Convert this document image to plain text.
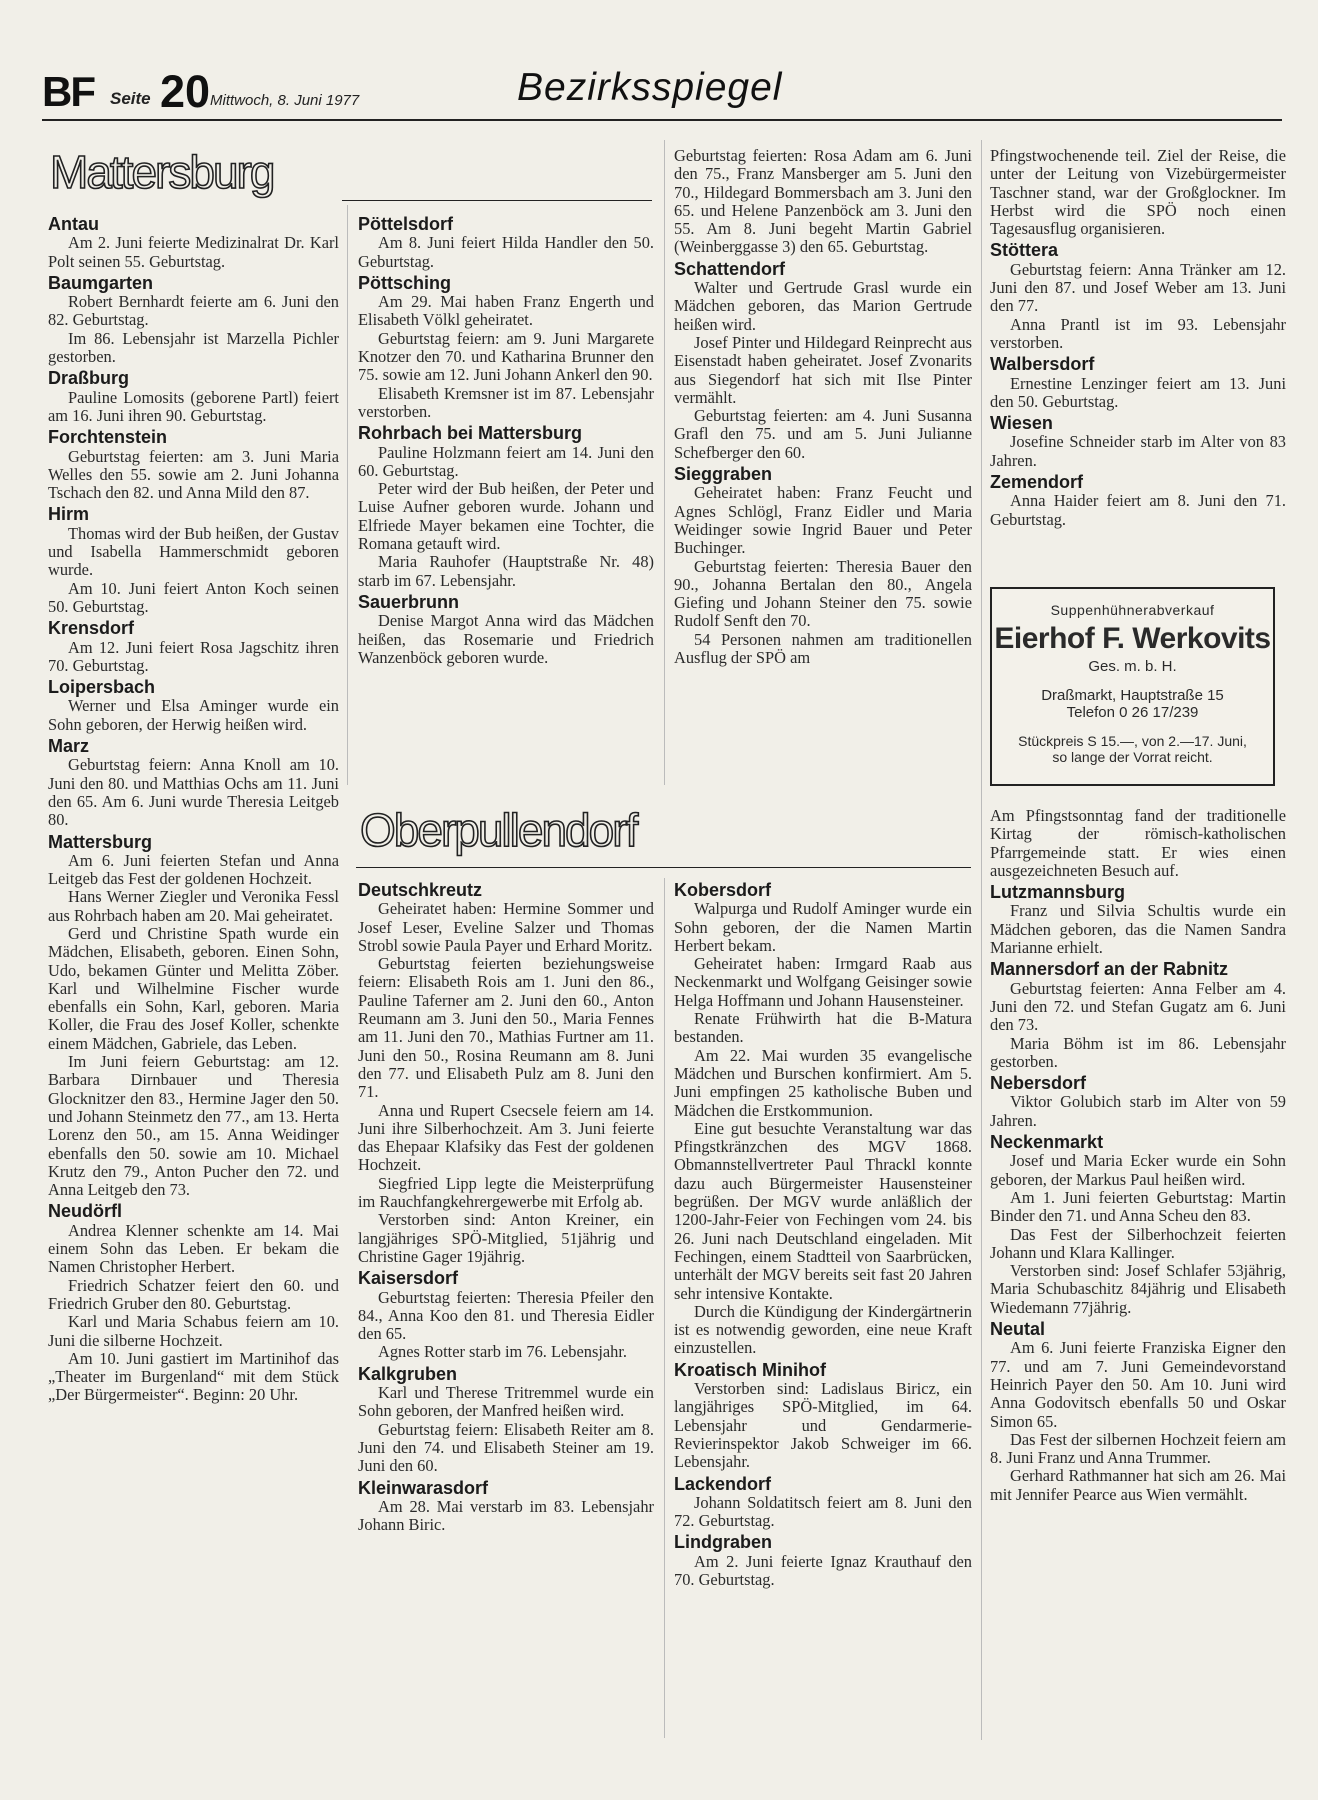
BF Seite 20 Mittwoch, 8. Juni 1977	Bezirksspiegel
Mattersburg
Antau

Am 2. Juni feierte Medizinalrat Dr. Karl Polt seinen 55. Geburtstag.

Baumgarten

Robert Bernhardt feierte am 6. Juni den 82. Geburtstag.

Im 86. Lebensjahr ist Marzella Pichler gestorben.

Draßburg

Pauline Lomosits (geborene Partl) feiert am 16. Juni ihren 90. Geburtstag.

Forchtenstein

Geburtstag feierten: am 3. Juni Maria Welles den 55. sowie am 2. Juni Johanna Tschach den 82. und Anna Mild den 87.

Hirm

Thomas wird der Bub heißen, der Gustav und Isabella Hammerschmidt geboren wurde.

Am 10. Juni feiert Anton Koch seinen 50. Geburtstag.

Krensdorf

Am 12. Juni feiert Rosa Jagschitz ihren 70. Geburtstag.

Loipersbach

Werner und Elsa Aminger wurde ein Sohn geboren, der Herwig heißen wird.

Marz

Geburtstag feiern: Anna Knoll am 10. Juni den 80. und Matthias Ochs am 11. Juni den 65. Am 6. Juni wurde Theresia Leitgeb 80.

Mattersburg

Am 6. Juni feierten Stefan und Anna Leitgeb das Fest der goldenen Hochzeit.

Hans Werner Ziegler und Veronika Fessl aus Rohrbach haben am 20. Mai geheiratet.

Gerd und Christine Spath wurde ein Mädchen, Elisabeth, geboren. Einen Sohn, Udo, bekamen Günter und Melitta Zöber. Karl und Wilhelmine Fischer wurde ebenfalls ein Sohn, Karl, geboren. Maria Koller, die Frau des Josef Koller, schenkte einem Mädchen, Gabriele, das Leben.

Im Juni feiern Geburtstag: am 12. Barbara Dirnbauer und Theresia Glocknitzer den 83., Hermine Jager den 50. und Johann Steinmetz den 77., am 13. Herta Lorenz den 50., am 15. Anna Weidinger ebenfalls den 50. sowie am 10. Michael Krutz den 79., Anton Pucher den 72. und Anna Leitgeb den 73.

Neudörfl

Andrea Klenner schenkte am 14. Mai einem Sohn das Leben. Er bekam die Namen Christopher Herbert.

Friedrich Schatzer feiert den 60. und Friedrich Gruber den 80. Geburtstag.

Karl und Maria Schabus feiern am 10. Juni die silberne Hochzeit.

Am 10. Juni gastiert im Martinihof das „Theater im Burgenland“ mit dem Stück „Der Bürgermeister“. Beginn: 20 Uhr.

Pöttelsdorf

Am 8. Juni feiert Hilda Handler den 50. Geburtstag.

Pöttsching

Am 29. Mai haben Franz Engerth und Elisabeth Völkl geheiratet.

Geburtstag feiern: am 9. Juni Margarete Knotzer den 70. und Katharina Brunner den 75. sowie am 12. Juni Johann Ankerl den 90.

Elisabeth Kremsner ist im 87. Lebensjahr verstorben.

Rohrbach bei Mattersburg

Pauline Holzmann feiert am 14. Juni den 60. Geburtstag.

Peter wird der Bub heißen, der Peter und Luise Aufner geboren wurde. Johann und Elfriede Mayer bekamen eine Tochter, die Romana getauft wird.

Maria Rauhofer (Hauptstraße Nr. 48) starb im 67. Lebensjahr.

Sauerbrunn

Denise Margot Anna wird das Mädchen heißen, das Rosemarie und Friedrich Wanzenböck geboren wurde.

Geburtstag feierten: Rosa Adam am 6. Juni den 75., Franz Mansberger am 5. Juni den 70., Hildegard Bommersbach am 3. Juni den 65. und Helene Panzenböck am 3. Juni den 55. Am 8. Juni begeht Martin Gabriel (Weinberggasse 3) den 65. Geburtstag.

Schattendorf

Walter und Gertrude Grasl wurde ein Mädchen geboren, das Marion Gertrude heißen wird.

Josef Pinter und Hildegard Reinprecht aus Eisenstadt haben geheiratet. Josef Zvonarits aus Siegendorf hat sich mit Ilse Pinter vermählt.

Geburtstag feierten: am 4. Juni Susanna Grafl den 75. und am 5. Juni Julianne Schefberger den 60.

Sieggraben

Geheiratet haben: Franz Feucht und Agnes Schlögl, Franz Eidler und Maria Weidinger sowie Ingrid Bauer und Peter Buchinger.

Geburtstag feierten: Theresia Bauer den 90., Johanna Bertalan den 80., Angela Giefing und Johann Steiner den 75. sowie Rudolf Senft den 70.

54 Personen nahmen am traditionellen Ausflug der SPÖ am

Pfingstwochenende teil. Ziel der Reise, die unter der Leitung von Vizebürgermeister Taschner stand, war der Großglockner. Im Herbst wird die SPÖ noch einen Tagesausflug organisieren.

Stöttera

Geburtstag feiern: Anna Tränker am 12. Juni den 87. und Josef Weber am 13. Juni den 77.

Anna Prantl ist im 93. Lebensjahr verstorben.

Walbersdorf

Ernestine Lenzinger feiert am 13. Juni den 50. Geburtstag.

Wiesen

Josefine Schneider starb im Alter von 83 Jahren.

Zemendorf

Anna Haider feiert am 8. Juni den 71. Geburtstag.

Suppenhühnerabverkauf
Eierhof F. Werkovits
Ges. m. b. H.
Draßmarkt, Hauptstraße 15
Telefon 0 26 17/239
Stückpreis S 15.—, von 2.—17. Juni,
so lange der Vorrat reicht.
Oberpullendorf
Deutschkreutz

Geheiratet haben: Hermine Sommer und Josef Leser, Eveline Salzer und Thomas Strobl sowie Paula Payer und Erhard Moritz.

Geburtstag feierten beziehungsweise feiern: Elisabeth Rois am 1. Juni den 86., Pauline Taferner am 2. Juni den 60., Anton Reumann am 3. Juni den 50., Maria Fennes am 11. Juni den 70., Mathias Furtner am 11. Juni den 50., Rosina Reumann am 8. Juni den 77. und Elisabeth Pulz am 8. Juni den 71.

Anna und Rupert Csecsele feiern am 14. Juni ihre Silberhochzeit. Am 3. Juni feierte das Ehepaar Klafsiky das Fest der goldenen Hochzeit.

Siegfried Lipp legte die Meisterprüfung im Rauchfangkehrergewerbe mit Erfolg ab.

Verstorben sind: Anton Kreiner, ein langjähriges SPÖ-Mitglied, 51jährig und Christine Gager 19jährig.

Kaisersdorf

Geburtstag feierten: Theresia Pfeiler den 84., Anna Koo den 81. und Theresia Eidler den 65.

Agnes Rotter starb im 76. Lebensjahr.

Kalkgruben

Karl und Therese Tritremmel wurde ein Sohn geboren, der Manfred heißen wird.

Geburtstag feiern: Elisabeth Reiter am 8. Juni den 74. und Elisabeth Steiner am 19. Juni den 60.

Kleinwarasdorf

Am 28. Mai verstarb im 83. Lebensjahr Johann Biric.

Kobersdorf

Walpurga und Rudolf Aminger wurde ein Sohn geboren, der die Namen Martin Herbert bekam.

Geheiratet haben: Irmgard Raab aus Neckenmarkt und Wolfgang Geisinger sowie Helga Hoffmann und Johann Hausensteiner.

Renate Frühwirth hat die B-Matura bestanden.

Am 22. Mai wurden 35 evangelische Mädchen und Burschen konfirmiert. Am 5. Juni empfingen 25 katholische Buben und Mädchen die Erstkommunion.

Eine gut besuchte Veranstaltung war das Pfingstkränzchen des MGV 1868. Obmannstellvertreter Paul Thrackl konnte dazu auch Bürgermeister Hausensteiner begrüßen. Der MGV wurde anläßlich der 1200-Jahr-Feier von Fechingen vom 24. bis 26. Juni nach Deutschland eingeladen. Mit Fechingen, einem Stadtteil von Saarbrücken, unterhält der MGV bereits seit fast 20 Jahren sehr intensive Kontakte.

Durch die Kündigung der Kindergärtnerin ist es notwendig geworden, eine neue Kraft einzustellen.

Kroatisch Minihof

Verstorben sind: Ladislaus Biricz, ein langjähriges SPÖ-Mitglied, im 64. Lebensjahr und Gendarmerie-Revierinspektor Jakob Schweiger im 66. Lebensjahr.

Lackendorf

Johann Soldatitsch feiert am 8. Juni den 72. Geburtstag.

Lindgraben

Am 2. Juni feierte Ignaz Krauthauf den 70. Geburtstag.

Am Pfingstsonntag fand der traditionelle Kirtag der römisch-katholischen Pfarrgemeinde statt. Er wies einen ausgezeichneten Besuch auf.

Lutzmannsburg

Franz und Silvia Schultis wurde ein Mädchen geboren, das die Namen Sandra Marianne erhielt.

Mannersdorf an der Rabnitz

Geburtstag feierten: Anna Felber am 4. Juni den 72. und Stefan Gugatz am 6. Juni den 73.

Maria Böhm ist im 86. Lebensjahr gestorben.

Nebersdorf

Viktor Golubich starb im Alter von 59 Jahren.

Neckenmarkt

Josef und Maria Ecker wurde ein Sohn geboren, der Markus Paul heißen wird.

Am 1. Juni feierten Geburtstag: Martin Binder den 71. und Anna Scheu den 83.

Das Fest der Silberhochzeit feierten Johann und Klara Kallinger.

Verstorben sind: Josef Schlafer 53jährig, Maria Schubaschitz 84jährig und Elisabeth Wiedemann 77jährig.

Neutal

Am 6. Juni feierte Franziska Eigner den 77. und am 7. Juni Gemeindevorstand Heinrich Payer den 50. Am 10. Juni wird Anna Godovitsch ebenfalls 50 und Oskar Simon 65.

Das Fest der silbernen Hochzeit feiern am 8. Juni Franz und Anna Trummer.

Gerhard Rathmanner hat sich am 26. Mai mit Jennifer Pearce aus Wien vermählt.
